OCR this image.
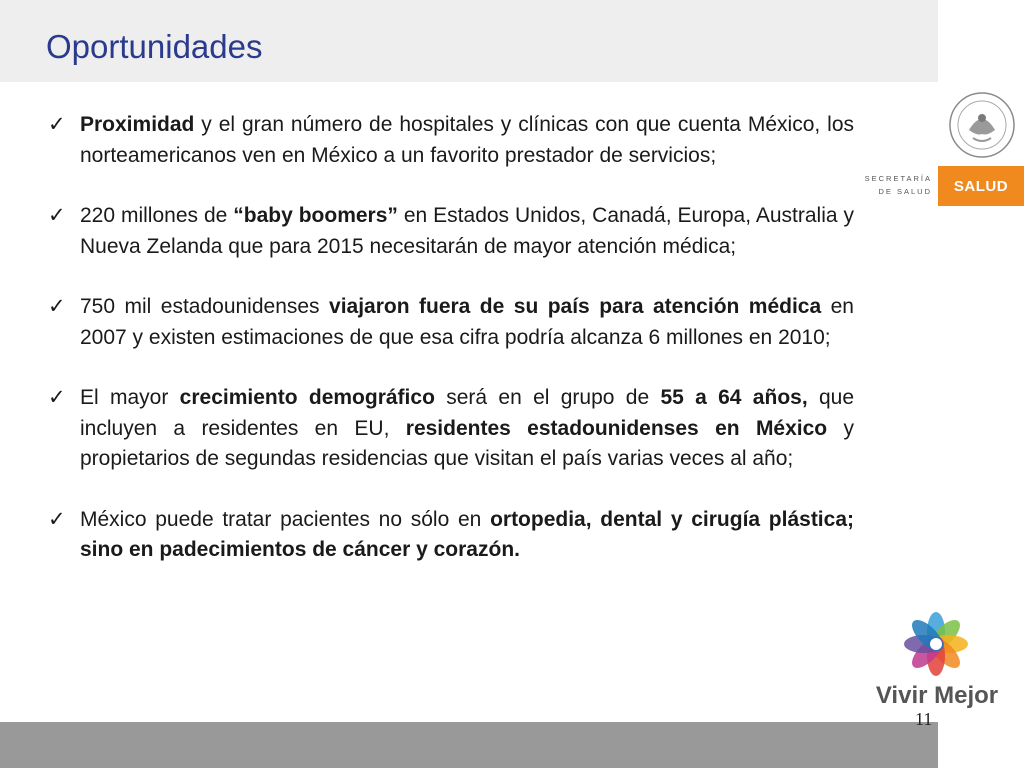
Oportunidades
SECRETARÍA
DE SALUD	SALUD
✓ Proximidad y el gran número de hospitales y clínicas con que cuenta México, los norteamericanos ven en México a un favorito prestador de servicios;
✓ 220 millones de “baby boomers” en Estados Unidos, Canadá, Europa, Australia y Nueva Zelanda que para 2015 necesitarán de mayor atención médica;
✓ 750 mil estadounidenses viajaron fuera de su país para atención médica en 2007 y existen estimaciones de que esa cifra podría alcanza 6 millones en 2010;
✓ El mayor crecimiento demográfico será en el grupo de 55 a 64 años, que incluyen a residentes en EU, residentes estadounidenses en México y propietarios de segundas residencias que visitan el país varias veces al año;
✓ México puede tratar pacientes no sólo en ortopedia, dental y cirugía plástica; sino en padecimientos de cáncer y corazón.
Vivir Mejor
11
